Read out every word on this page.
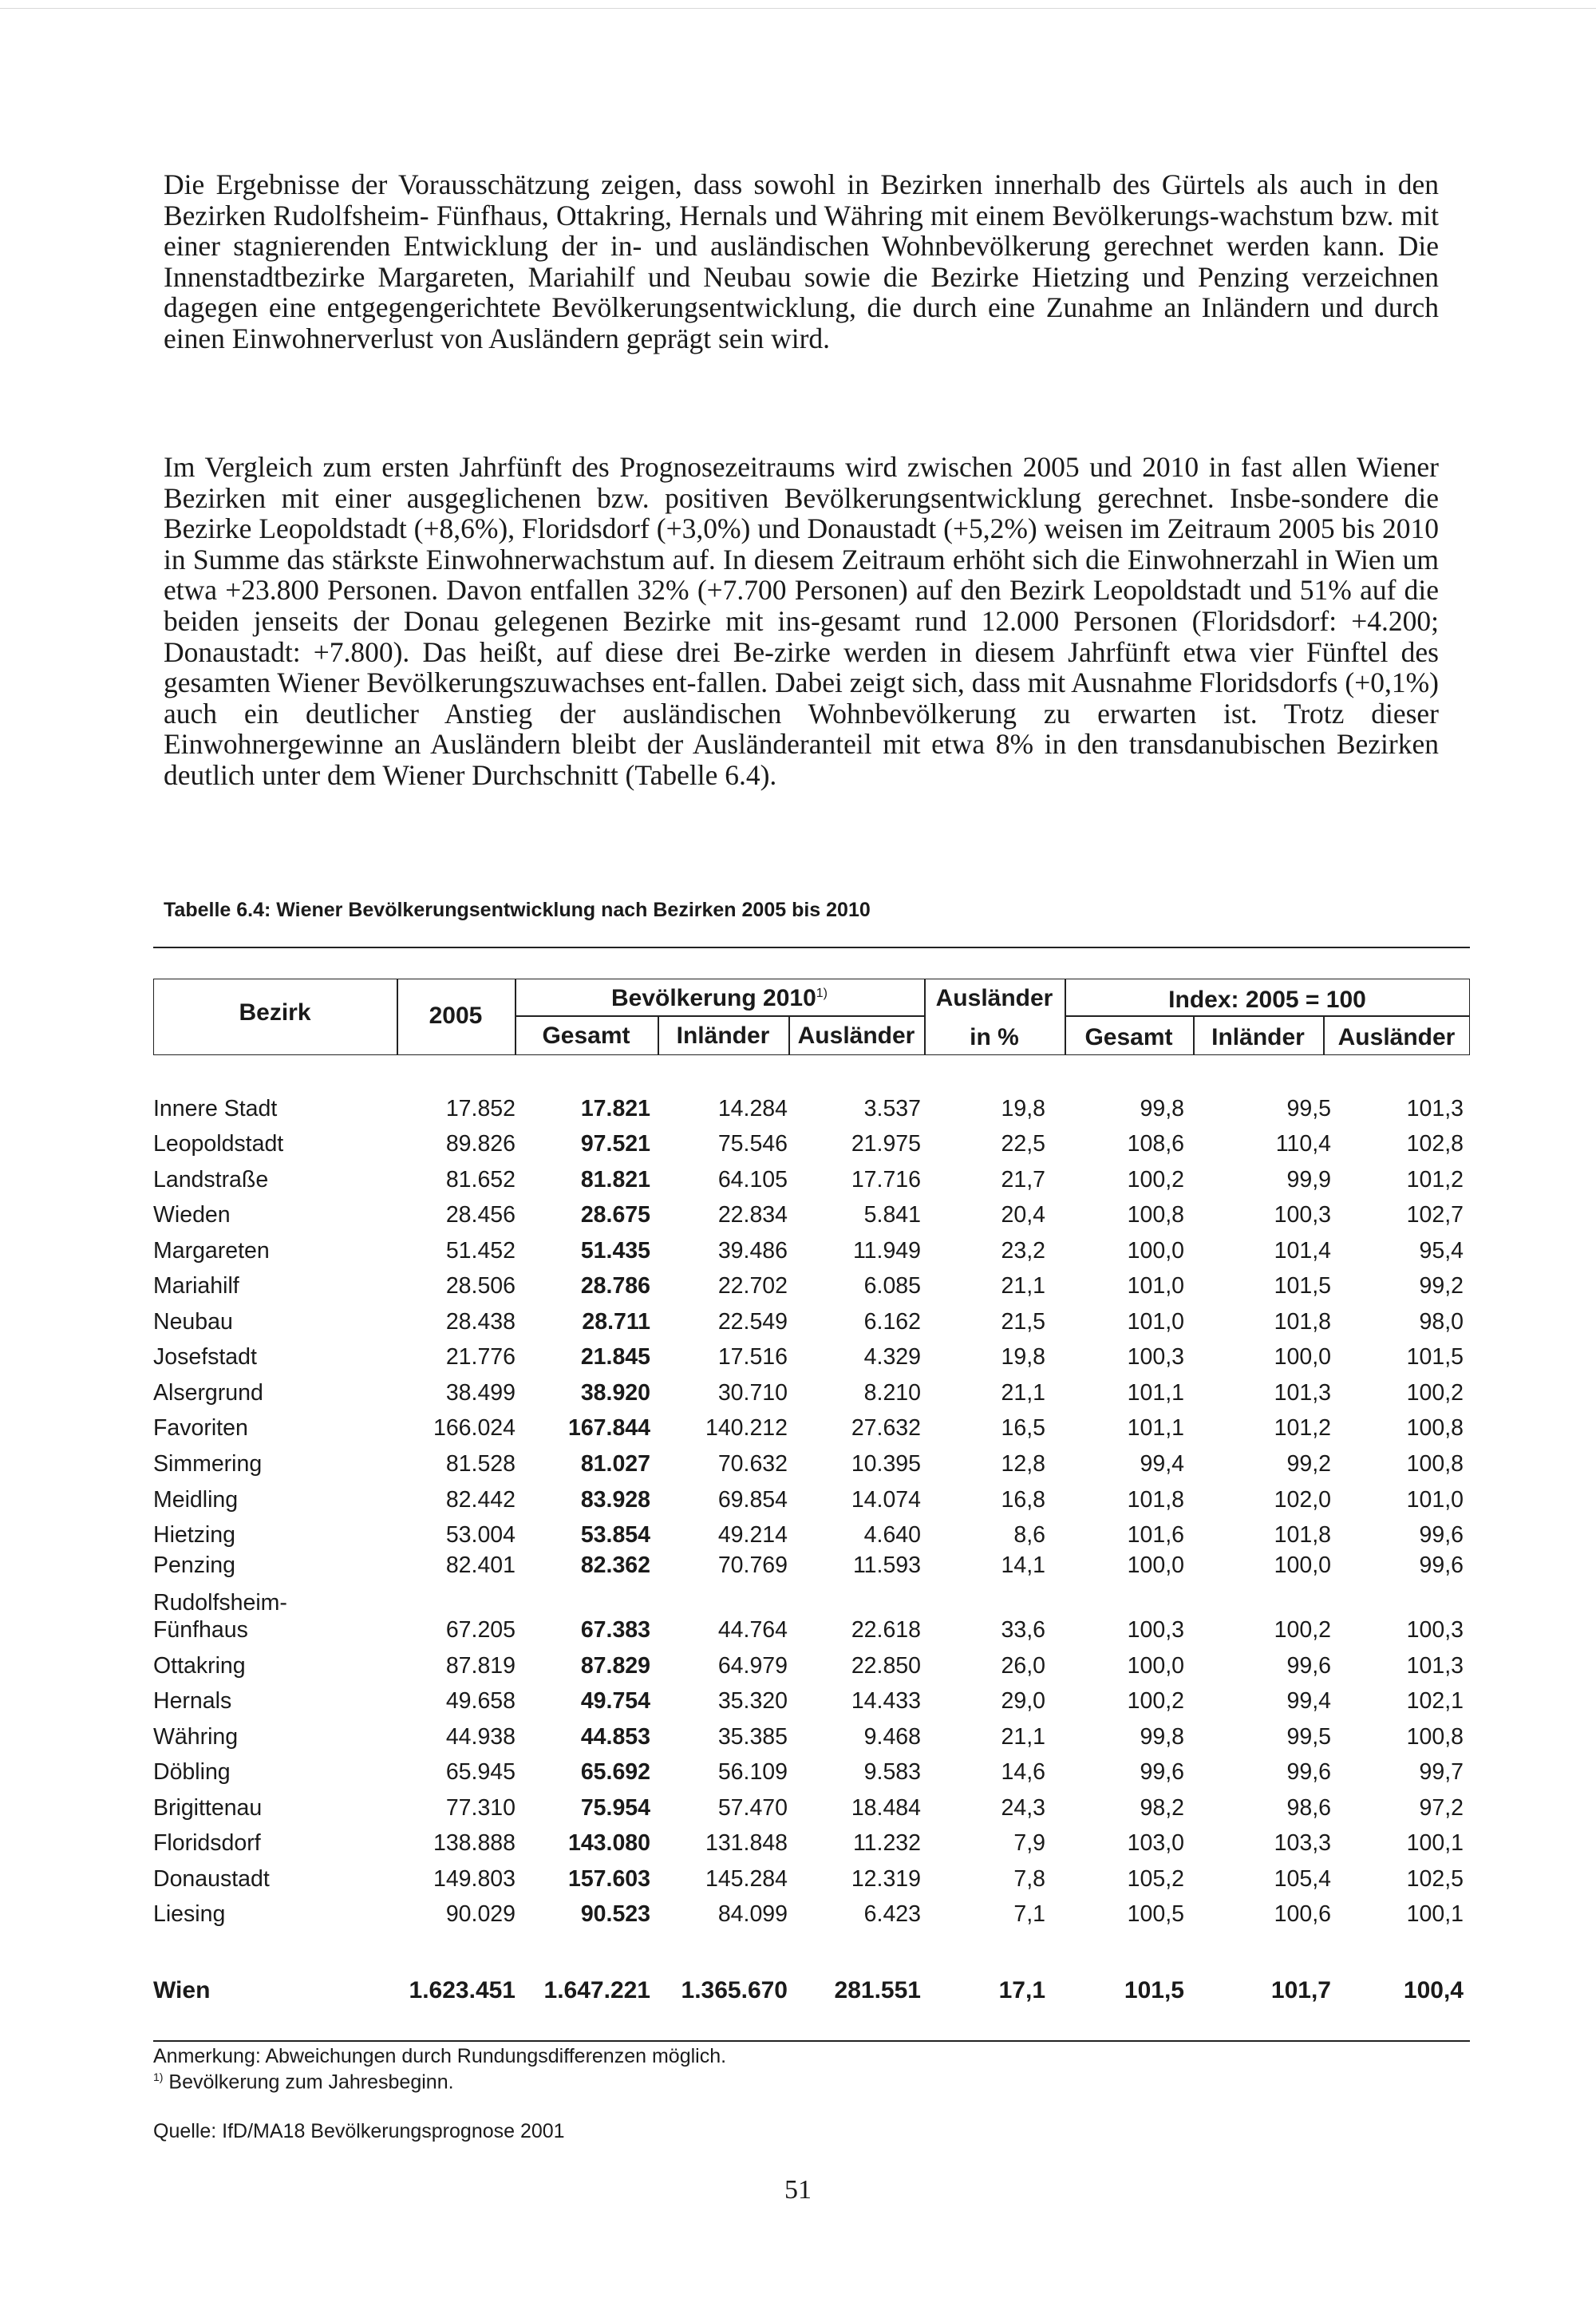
Die Ergebnisse der Vorausschätzung zeigen, dass sowohl in Bezirken innerhalb des Gürtels als auch in den Bezirken Rudolfsheim- Fünfhaus, Ottakring, Hernals und Währing mit einem Bevölkerungs-wachstum bzw. mit einer stagnierenden Entwicklung der in- und ausländischen Wohnbevölkerung gerechnet werden kann. Die Innenstadtbezirke Margareten, Mariahilf und Neubau sowie die Bezirke Hietzing und Penzing verzeichnen dagegen eine entgegengerichtete Bevölkerungsentwicklung, die durch eine Zunahme an Inländern und durch einen Einwohnerverlust von Ausländern geprägt sein wird.

Im Vergleich zum ersten Jahrfünft des Prognosezeitraums wird zwischen 2005 und 2010 in fast allen Wiener Bezirken mit einer ausgeglichenen bzw. positiven Bevölkerungsentwicklung gerechnet. Insbe-sondere die Bezirke Leopoldstadt (+8,6%), Floridsdorf (+3,0%) und Donaustadt (+5,2%) weisen im Zeitraum 2005 bis 2010 in Summe das stärkste Einwohnerwachstum auf. In diesem Zeitraum erhöht sich die Einwohnerzahl in Wien um etwa +23.800 Personen. Davon entfallen 32% (+7.700 Personen) auf den Bezirk Leopoldstadt und 51% auf die beiden jenseits der Donau gelegenen Bezirke mit ins-gesamt rund 12.000 Personen (Floridsdorf: +4.200; Donaustadt: +7.800). Das heißt, auf diese drei Be-zirke werden in diesem Jahrfünft etwa vier Fünftel des gesamten Wiener Bevölkerungszuwachses ent-fallen. Dabei zeigt sich, dass mit Ausnahme Floridsdorfs (+0,1%) auch ein deutlicher Anstieg der ausländischen Wohnbevölkerung zu erwarten ist. Trotz dieser Einwohnergewinne an Ausländern bleibt der Ausländeranteil mit etwa 8% in den transdanubischen Bezirken deutlich unter dem Wiener Durchschnitt (Tabelle 6.4).

Tabelle 6.4: Wiener Bevölkerungsentwicklung nach Bezirken 2005 bis 2010

Bezirk	2005
Bevölkerung 2010$^{1)}$	Ausländer
in %
Index: 2005 = 100
Gesamt	Inländer	Ausländer	Gesamt	Inländer	Ausländer
Innere Stadt	17.852	17.821	14.284	3.537	19,8	99,8	99,5	101,3
Leopoldstadt	89.826	97.521	75.546	21.975	22,5	108,6	110,4	102,8
Landstraße	81.652	81.821	64.105	17.716	21,7	100,2	99,9	101,2
Wieden	28.456	28.675	22.834	5.841	20,4	100,8	100,3	102,7
Margareten	51.452	51.435	39.486	11.949	23,2	100,0	101,4	95,4
Mariahilf	28.506	28.786	22.702	6.085	21,1	101,0	101,5	99,2
Neubau	28.438	28.711	22.549	6.162	21,5	101,0	101,8	98,0
Josefstadt	21.776	21.845	17.516	4.329	19,8	100,3	100,0	101,5
Alsergrund	38.499	38.920	30.710	8.210	21,1	101,1	101,3	100,2
Favoriten	166.024 167.844 140.212	27.632	16,5	101,1	101,2	100,8
Simmering	81.528	81.027	70.632	10.395	12,8	99,4	99,2	100,8
Meidling	82.442	83.928	69.854	14.074	16,8	101,8	102,0	101,0
Hietzing	53.004	53.854	49.214	4.640	8,6	101,6	101,8	99,6
Penzing	82.401	82.362	70.769	11.593	14,1	100,0	100,0	99,6
Rudolfsheim-
Fünfhaus	67.205	67.383	44.764	22.618	33,6	100,3	100,2	100,3
Ottakring	87.819	87.829	64.979	22.850	26,0	100,0	99,6	101,3
Hernals	49.658	49.754	35.320	14.433	29,0	100,2	99,4	102,1
Währing	44.938	44.853	35.385	9.468	21,1	99,8	99,5	100,8
Döbling	65.945	65.692	56.109	9.583	14,6	99,6	99,6	99,7
Brigittenau	77.310	75.954	57.470	18.484	24,3	98,2	98,6	97,2
Floridsdorf	138.888 143.080 131.848	11.232	7,9	103,0	103,3	100,1
Donaustadt	149.803 157.603 145.284	12.319	7,8	105,2	105,4	102,5
Liesing	90.029	90.523	84.099	6.423	7,1	100,5	100,6	100,1
Wien	1.623.451 1.647.221 1.365.670 281.551	17,1	101,5	101,7	100,4

Anmerkung: Abweichungen durch Rundungsdifferenzen möglich.

$^{1)}$ Bevölkerung zum Jahresbeginn.

Quelle: IfD/MA18 Bevölkerungsprognose 2001

51
